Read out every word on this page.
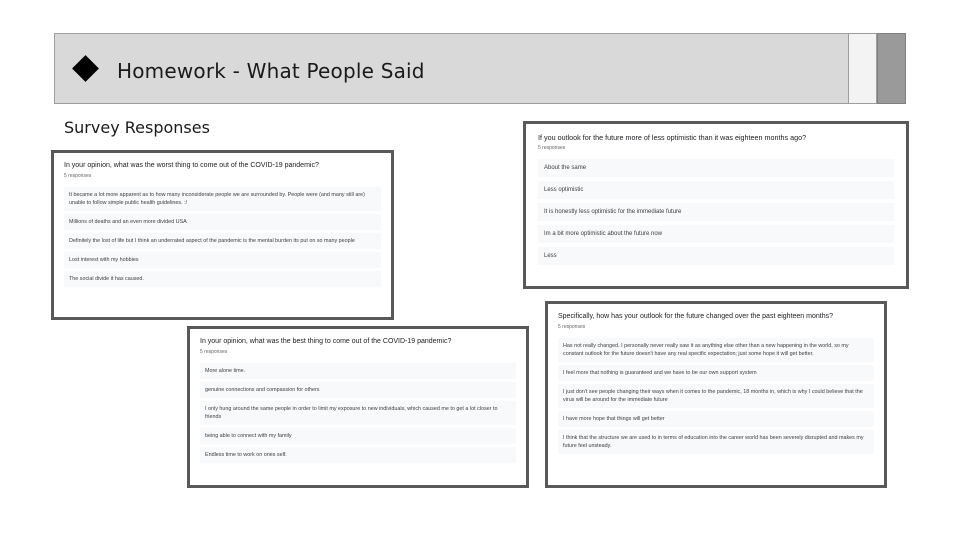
Homework - What People Said
Survey Responses
In your opinion, what was the worst thing to come out of the COVID-19 pandemic?
5 responses
It became a lot more apparent as to how many inconsiderate people we are surrounded by. People were (and many still are) unable to follow simple public health guidelines. :/
Millions of deaths and an even more divided USA
Definitely the lost of life but I think an underrated aspect of the pandemic is the mental burden its put on so many people
Lost interest with my hobbies
The social divide it has caused.
If you outlook for the future more of less optimistic than it was eighteen months ago?
5 responses
About the same
Less optimistic
It is honestly less optimistic for the immediate future
Im a bit more optimistic about the future now
Less
In your opinion, what was the best thing to come out of the COVID-19 pandemic?
5 responses
More alone time.
genuine connections and compassion for others
I only hung around the same people in order to limit my exposure to new individuals, which caused me to get a lot closer to friends
being able to connect with my family
Endless time to work on ones self.
Specifically, how has your outlook for the future changed over the past eighteen months?
5 responses
Has not really changed. I personally never really saw it as anything else other than a new happening in the world, so my constant outlook for the future doesn't have any real specific expectation; just some hope it will get better.
I feel more that nothing is guaranteed and we have to be our own support system
I just don't see people changing their ways when it comes to the pandemic, 18 months in, which is why I could believe that the virus will be around for the immediate future
I have more hope that things will get better
I think that the structure we are used to in terms of education into the career world has been severely disrupted and makes my future feel unsteady.
